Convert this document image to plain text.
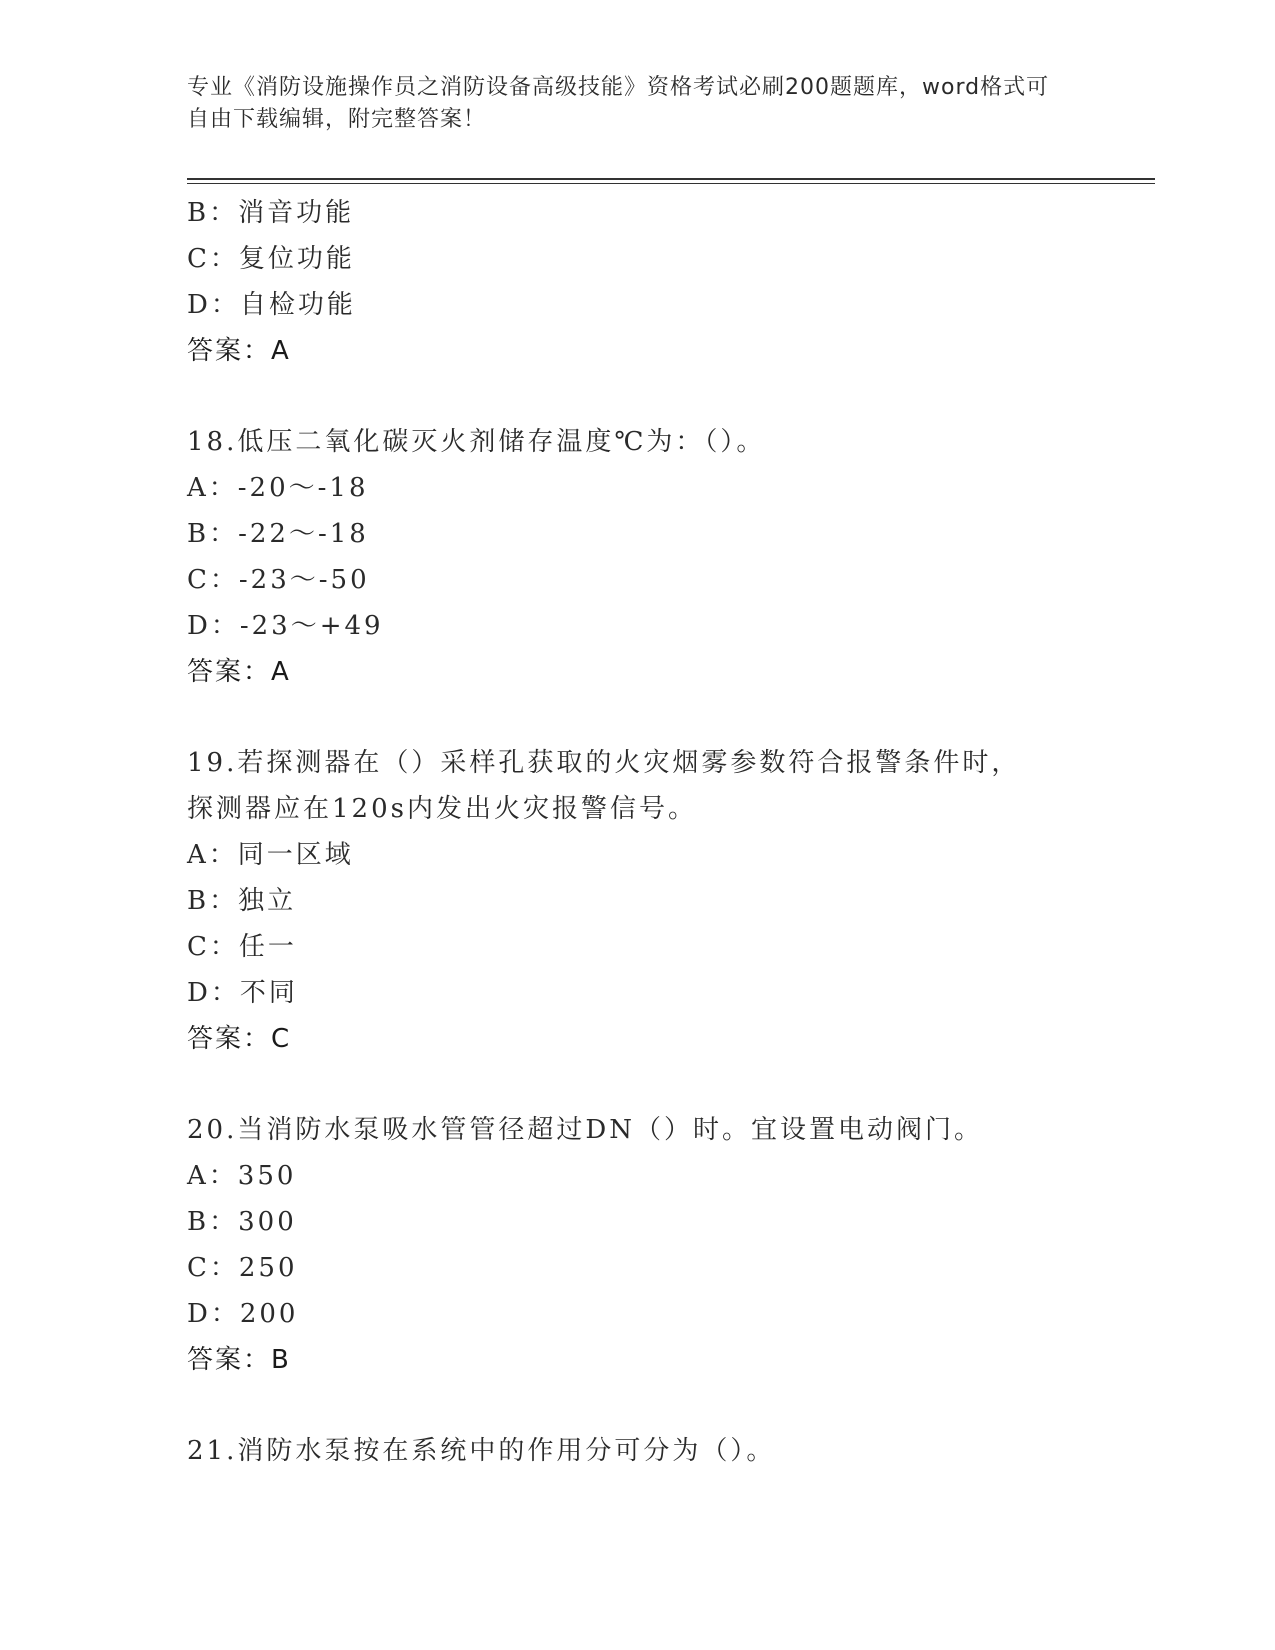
专业《消防设施操作员之消防设备高级技能》资格考试必刷200题题库，word格式可自由下载编辑，附完整答案！
B：消音功能
C：复位功能
D：自检功能
答案：A
18.低压二氧化碳灭火剂储存温度℃为：（）。
A：-20～-18
B：-22～-18
C：-23～-50
D：-23～+49
答案：A
19.若探测器在（）采样孔获取的火灾烟雾参数符合报警条件时，探测器应在120s内发出火灾报警信号。
A：同一区域
B：独立
C：任一
D：不同
答案：C
20.当消防水泵吸水管管径超过DN（）时。宜设置电动阀门。
A：350
B：300
C：250
D：200
答案：B
21.消防水泵按在系统中的作用分可分为（）。
